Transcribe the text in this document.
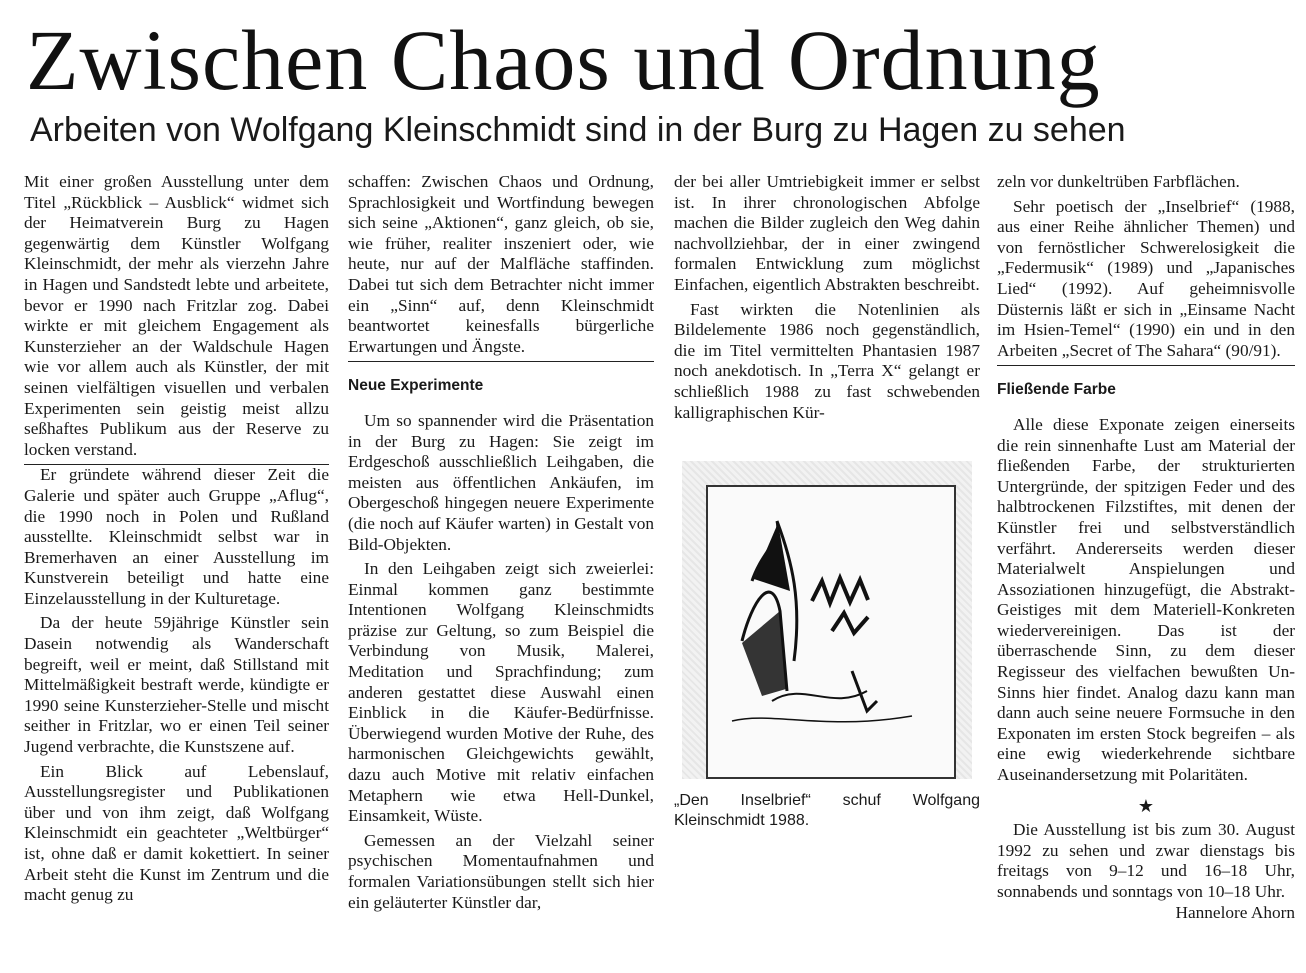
Zwischen Chaos und Ordnung
Arbeiten von Wolfgang Kleinschmidt sind in der Burg zu Hagen zu sehen

Mit einer großen Ausstellung unter dem Titel „Rückblick – Ausblick“ widmet sich der Heimatverein Burg zu Hagen gegenwärtig dem Künstler Wolfgang Kleinschmidt, der mehr als vierzehn Jahre in Hagen und Sandstedt lebte und arbeitete, bevor er 1990 nach Fritzlar zog. Dabei wirkte er mit gleichem Engagement als Kunsterzieher an der Waldschule Hagen wie vor allem auch als Künstler, der mit seinen vielfältigen visuellen und verbalen Experimenten sein geistig meist allzu seßhaftes Publikum aus der Reserve zu locken verstand.

Er gründete während dieser Zeit die Galerie und später auch Gruppe „Aflug“, die 1990 noch in Polen und Rußland ausstellte. Kleinschmidt selbst war in Bremerhaven an einer Ausstellung im Kunstverein beteiligt und hatte eine Einzelausstellung in der Kulturetage.

Da der heute 59jährige Künstler sein Dasein notwendig als Wanderschaft begreift, weil er meint, daß Stillstand mit Mittelmäßigkeit bestraft werde, kündigte er 1990 seine Kunsterzieher-Stelle und mischt seither in Fritzlar, wo er einen Teil seiner Jugend verbrachte, die Kunstszene auf.

Ein Blick auf Lebenslauf, Ausstellungsregister und Publikationen über und von ihm zeigt, daß Wolfgang Kleinschmidt ein geachteter „Weltbürger“ ist, ohne daß er damit kokettiert. In seiner Arbeit steht die Kunst im Zentrum und die macht genug zu

schaffen: Zwischen Chaos und Ordnung, Sprachlosigkeit und Wortfindung bewegen sich seine „Aktionen“, ganz gleich, ob sie, wie früher, realiter inszeniert oder, wie heute, nur auf der Malfläche staffinden. Dabei tut sich dem Betrachter nicht immer ein „Sinn“ auf, denn Kleinschmidt beantwortet keinesfalls bürgerliche Erwartungen und Ängste.

Neue Experimente

Um so spannender wird die Präsentation in der Burg zu Hagen: Sie zeigt im Erdgeschoß ausschließlich Leihgaben, die meisten aus öffentlichen Ankäufen, im Obergeschoß hingegen neuere Experimente (die noch auf Käufer warten) in Gestalt von Bild-Objekten.

In den Leihgaben zeigt sich zweierlei: Einmal kommen ganz bestimmte Intentionen Wolfgang Kleinschmidts präzise zur Geltung, so zum Beispiel die Verbindung von Musik, Malerei, Meditation und Sprachfindung; zum anderen gestattet diese Auswahl einen Einblick in die Käufer-Bedürfnisse. Überwiegend wurden Motive der Ruhe, des harmonischen Gleichgewichts gewählt, dazu auch Motive mit relativ einfachen Metaphern wie etwa Hell-Dunkel, Einsamkeit, Wüste.

Gemessen an der Vielzahl seiner psychischen Momentaufnahmen und formalen Variationsübungen stellt sich hier ein geläuterter Künstler dar,

der bei aller Umtriebigkeit immer er selbst ist. In ihrer chronologischen Abfolge machen die Bilder zugleich den Weg dahin nachvollziehbar, der in einer zwingend formalen Entwicklung zum möglichst Einfachen, eigentlich Abstrakten beschreibt.

Fast wirkten die Notenlinien als Bildelemente 1986 noch gegenständlich, die im Titel vermittelten Phantasien 1987 noch anekdotisch. In „Terra X“ gelangt er schließlich 1988 zu fast schwebenden kalligraphischen Kür-

„Den Inselbrief“ schuf Wolfgang Kleinschmidt 1988.

zeln vor dunkeltrüben Farbflächen.

Sehr poetisch der „Inselbrief“ (1988, aus einer Reihe ähnlicher Themen) und von fernöstlicher Schwerelosigkeit die „Federmusik“ (1989) und „Japanisches Lied“ (1992). Auf geheimnisvolle Düsternis läßt er sich in „Einsame Nacht im Hsien-Temel“ (1990) ein und in den Arbeiten „Secret of The Sahara“ (90/91).

Fließende Farbe

Alle diese Exponate zeigen einerseits die rein sinnenhafte Lust am Material der fließenden Farbe, der strukturierten Untergründe, der spitzigen Feder und des halbtrockenen Filzstiftes, mit denen der Künstler frei und selbstverständlich verfährt. Andererseits werden dieser Materialwelt Anspielungen und Assoziationen hinzugefügt, die Abstrakt-Geistiges mit dem Materiell-Konkreten wiedervereinigen. Das ist der überraschende Sinn, zu dem dieser Regisseur des vielfachen bewußten Un-Sinns hier findet. Analog dazu kann man dann auch seine neuere Formsuche in den Exponaten im ersten Stock begreifen – als eine ewig wiederkehrende sichtbare Auseinandersetzung mit Polaritäten.

★

Die Ausstellung ist bis zum 30. August 1992 zu sehen und zwar dienstags bis freitags von 9–12 und 16–18 Uhr, sonnabends und sonntags von 10–18 Uhr.

Hannelore Ahorn
